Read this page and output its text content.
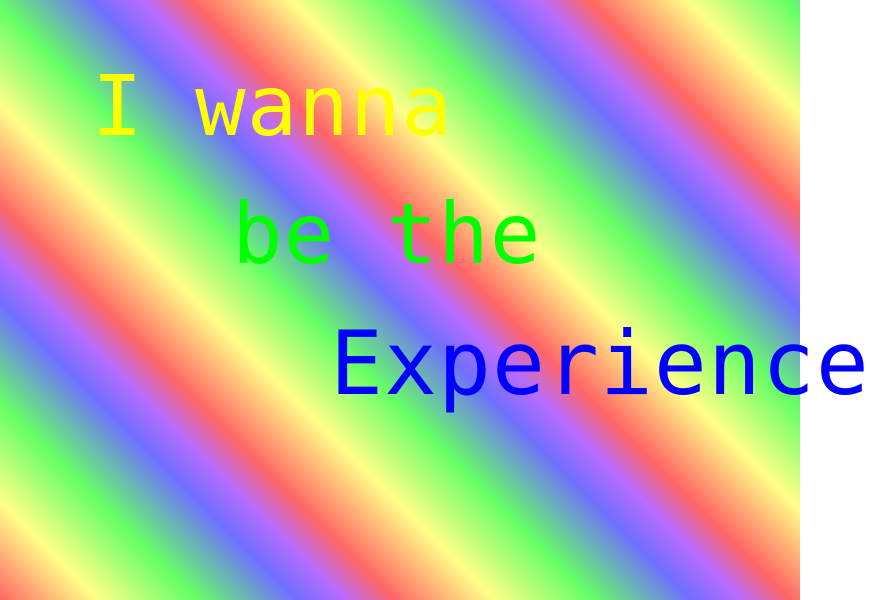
I wanna
be the
Experience
